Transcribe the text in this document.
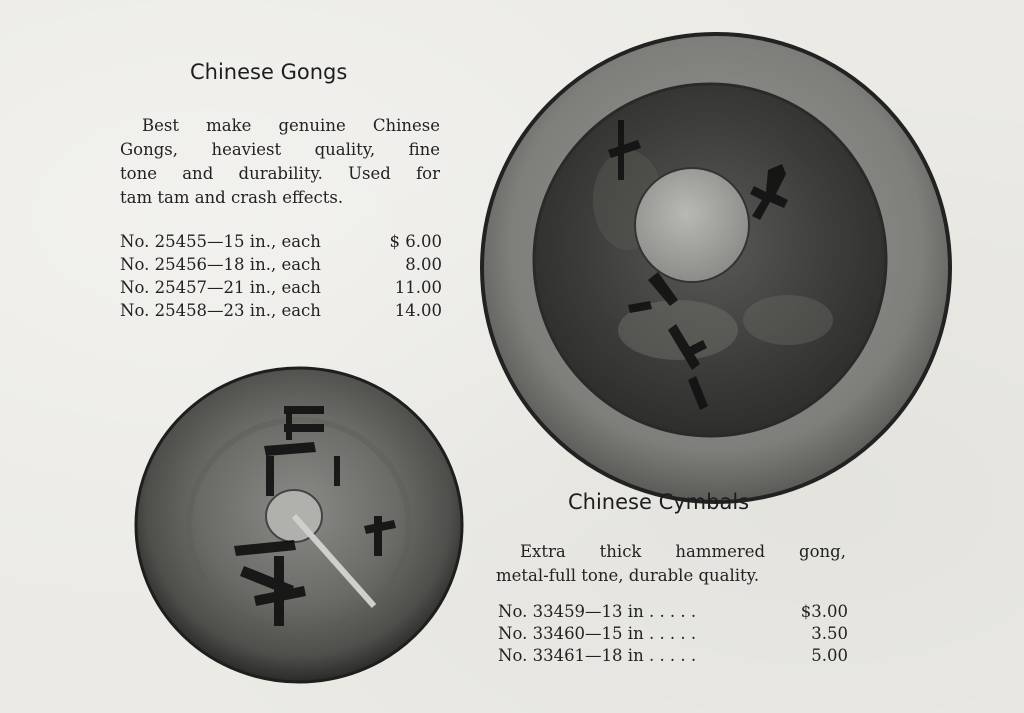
Chinese Gongs
Best make genuine Chinese
Gongs, heaviest quality, fine
tone and durability. Used for
tam tam and crash effects.
No. 25455—15 in., each	$ 6.00
No. 25456—18 in., each	8.00
No. 25457—21 in., each	11.00
No. 25458—23 in., each	14.00
Chinese Cymbals
Extra thick hammered gong,
metal-full tone, durable quality.
No. 33459—13 in . . . . .	$3.00
No. 33460—15 in . . . . .	3.50
No. 33461—18 in . . . . .	5.00
